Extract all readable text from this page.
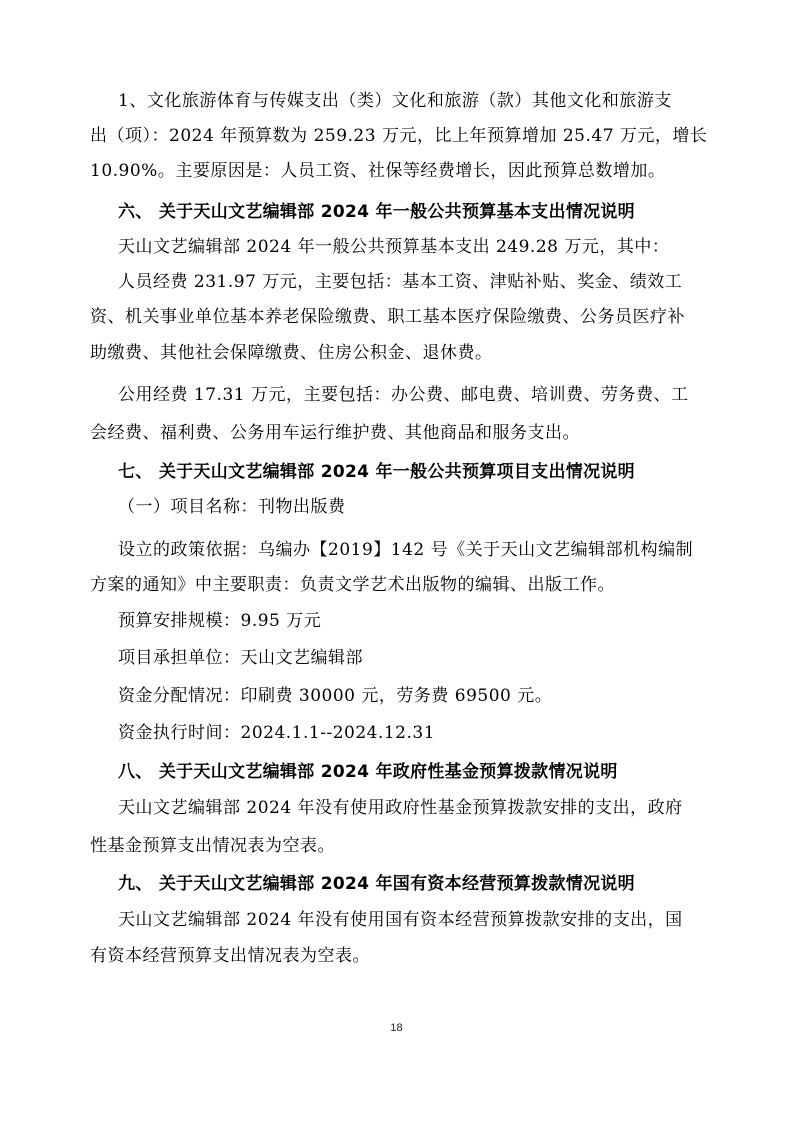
1、文化旅游体育与传媒支出（类）文化和旅游（款）其他文化和旅游支
出（项）：2024 年预算数为 259.23 万元，比上年预算增加 25.47 万元，增长
10.90%。主要原因是：人员工资、社保等经费增长，因此预算总数增加。
六、 关于天山文艺编辑部 2024 年一般公共预算基本支出情况说明
天山文艺编辑部 2024 年一般公共预算基本支出 249.28 万元，其中：
人员经费 231.97 万元，主要包括：基本工资、津贴补贴、奖金、绩效工
资、机关事业单位基本养老保险缴费、职工基本医疗保险缴费、公务员医疗补
助缴费、其他社会保障缴费、住房公积金、退休费。
公用经费 17.31 万元，主要包括：办公费、邮电费、培训费、劳务费、工
会经费、福利费、公务用车运行维护费、其他商品和服务支出。
七、 关于天山文艺编辑部 2024 年一般公共预算项目支出情况说明
（一）项目名称：刊物出版费
设立的政策依据：乌编办【2019】142 号《关于天山文艺编辑部机构编制
方案的通知》中主要职责：负责文学艺术出版物的编辑、出版工作。
预算安排规模：9.95 万元
项目承担单位：天山文艺编辑部
资金分配情况：印刷费 30000 元，劳务费 69500 元。
资金执行时间：2024.1.1--2024.12.31
八、 关于天山文艺编辑部 2024 年政府性基金预算拨款情况说明
天山文艺编辑部 2024 年没有使用政府性基金预算拨款安排的支出，政府
性基金预算支出情况表为空表。
九、 关于天山文艺编辑部 2024 年国有资本经营预算拨款情况说明
天山文艺编辑部 2024 年没有使用国有资本经营预算拨款安排的支出，国
有资本经营预算支出情况表为空表。
18
